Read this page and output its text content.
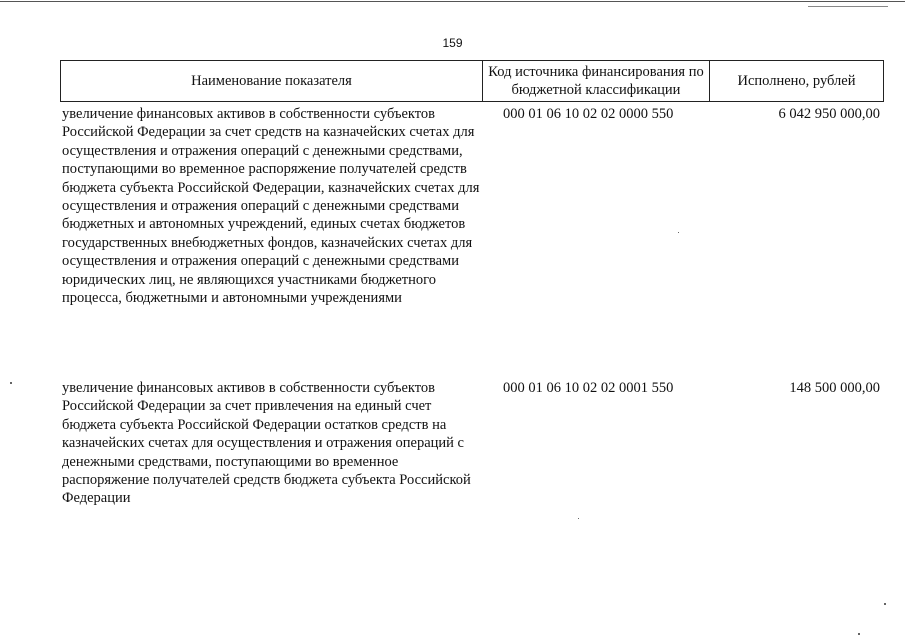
159
Наименование показателя
Код источника финансирования по бюджетной классификации
Исполнено, рублей
увеличение финансовых активов в собственности субъектов Российской Федерации за счет средств на казначейских счетах для осуществления и отражения операций с денежными средствами, поступающими во временное распоряжение получателей средств бюджета субъекта Российской Федерации, казначейских счетах для осуществления и отражения операций с денежными средствами бюджетных и автономных учреждений, единых счетах бюджетов государственных внебюджетных фондов, казначейских счетах для осуществления и отражения операций с денежными средствами юридических лиц, не являющихся участниками бюджетного процесса, бюджетными и автономными учреждениями
000 01 06 10 02 02 0000 550	6 042 950 000,00
увеличение финансовых активов в собственности субъектов Российской Федерации за счет привлечения на единый счет бюджета субъекта Российской Федерации остатков средств на казначейских счетах для осуществления и отражения операций с денежными средствами, поступающими во временное распоряжение получателей средств бюджета субъекта Российской Федерации
000 01 06 10 02 02 0001 550	148 500 000,00
